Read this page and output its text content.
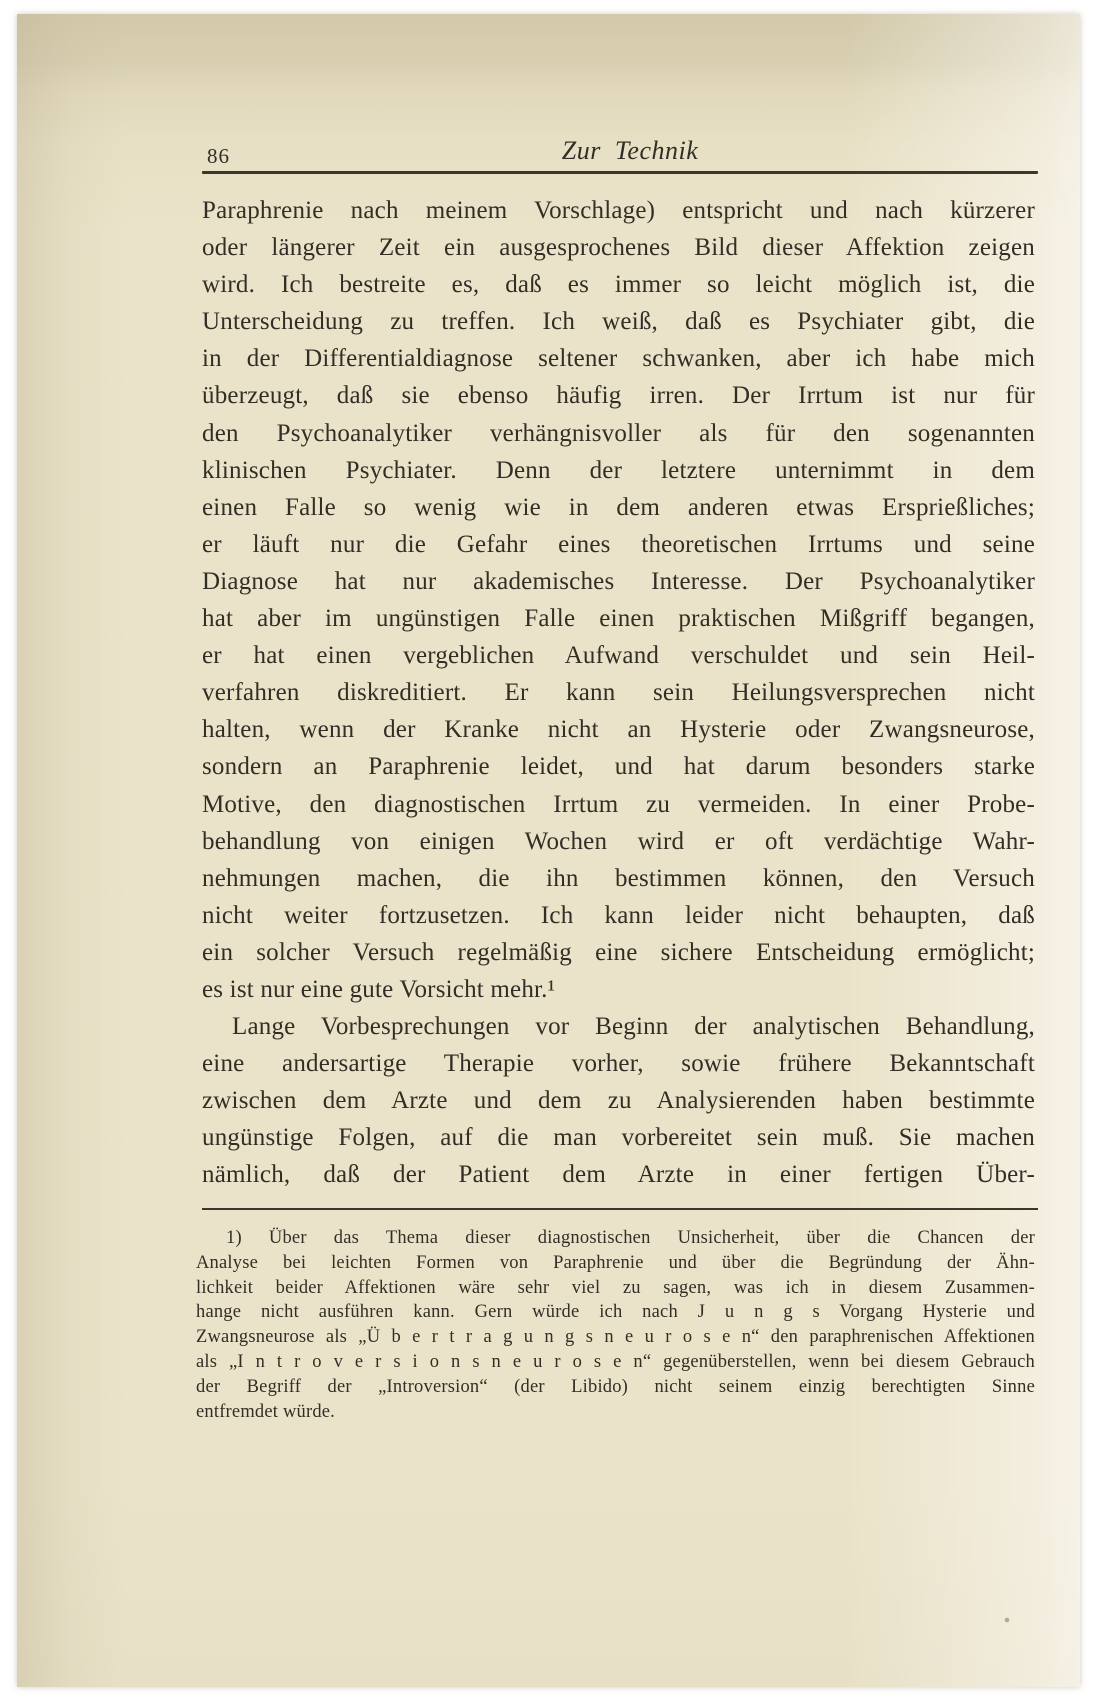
86	Zur Technik
Paraphrenie nach meinem Vorschlage) entspricht und nach kürzerer
oder längerer Zeit ein ausgesprochenes Bild dieser Affektion zeigen
wird. Ich bestreite es, daß es immer so leicht möglich ist, die
Unterscheidung zu treffen. Ich weiß, daß es Psychiater gibt, die
in der Differentialdiagnose seltener schwanken, aber ich habe mich
überzeugt, daß sie ebenso häufig irren. Der Irrtum ist nur für
den Psychoanalytiker verhängnisvoller als für den sogenannten
klinischen Psychiater. Denn der letztere unternimmt in dem
einen Falle so wenig wie in dem anderen etwas Ersprießliches;
er läuft nur die Gefahr eines theoretischen Irrtums und seine
Diagnose hat nur akademisches Interesse. Der Psychoanalytiker
hat aber im ungünstigen Falle einen praktischen Mißgriff begangen,
er hat einen vergeblichen Aufwand verschuldet und sein Heil-
verfahren diskreditiert. Er kann sein Heilungsversprechen nicht
halten, wenn der Kranke nicht an Hysterie oder Zwangsneurose,
sondern an Paraphrenie leidet, und hat darum besonders starke
Motive, den diagnostischen Irrtum zu vermeiden. In einer Probe-
behandlung von einigen Wochen wird er oft verdächtige Wahr-
nehmungen machen, die ihn bestimmen können, den Versuch
nicht weiter fortzusetzen. Ich kann leider nicht behaupten, daß
ein solcher Versuch regelmäßig eine sichere Entscheidung ermöglicht;
es ist nur eine gute Vorsicht mehr.¹
Lange Vorbesprechungen vor Beginn der analytischen Behandlung,
eine andersartige Therapie vorher, sowie frühere Bekanntschaft
zwischen dem Arzte und dem zu Analysierenden haben bestimmte
ungünstige Folgen, auf die man vorbereitet sein muß. Sie machen
nämlich, daß der Patient dem Arzte in einer fertigen Über-
1) Über das Thema dieser diagnostischen Unsicherheit, über die Chancen der
Analyse bei leichten Formen von Paraphrenie und über die Begründung der Ähn-
lichkeit beider Affektionen wäre sehr viel zu sagen, was ich in diesem Zusammen-
hange nicht ausführen kann. Gern würde ich nach J u n g s Vorgang Hysterie und
Zwangsneurose als „Ü b e r t r a g u n g s n e u r o s e n“ den paraphrenischen Affektionen
als „I n t r o v e r s i o n s n e u r o s e n“ gegenüberstellen, wenn bei diesem Gebrauch
der Begriff der „Introversion“ (der Libido) nicht seinem einzig berechtigten Sinne
entfremdet würde.
